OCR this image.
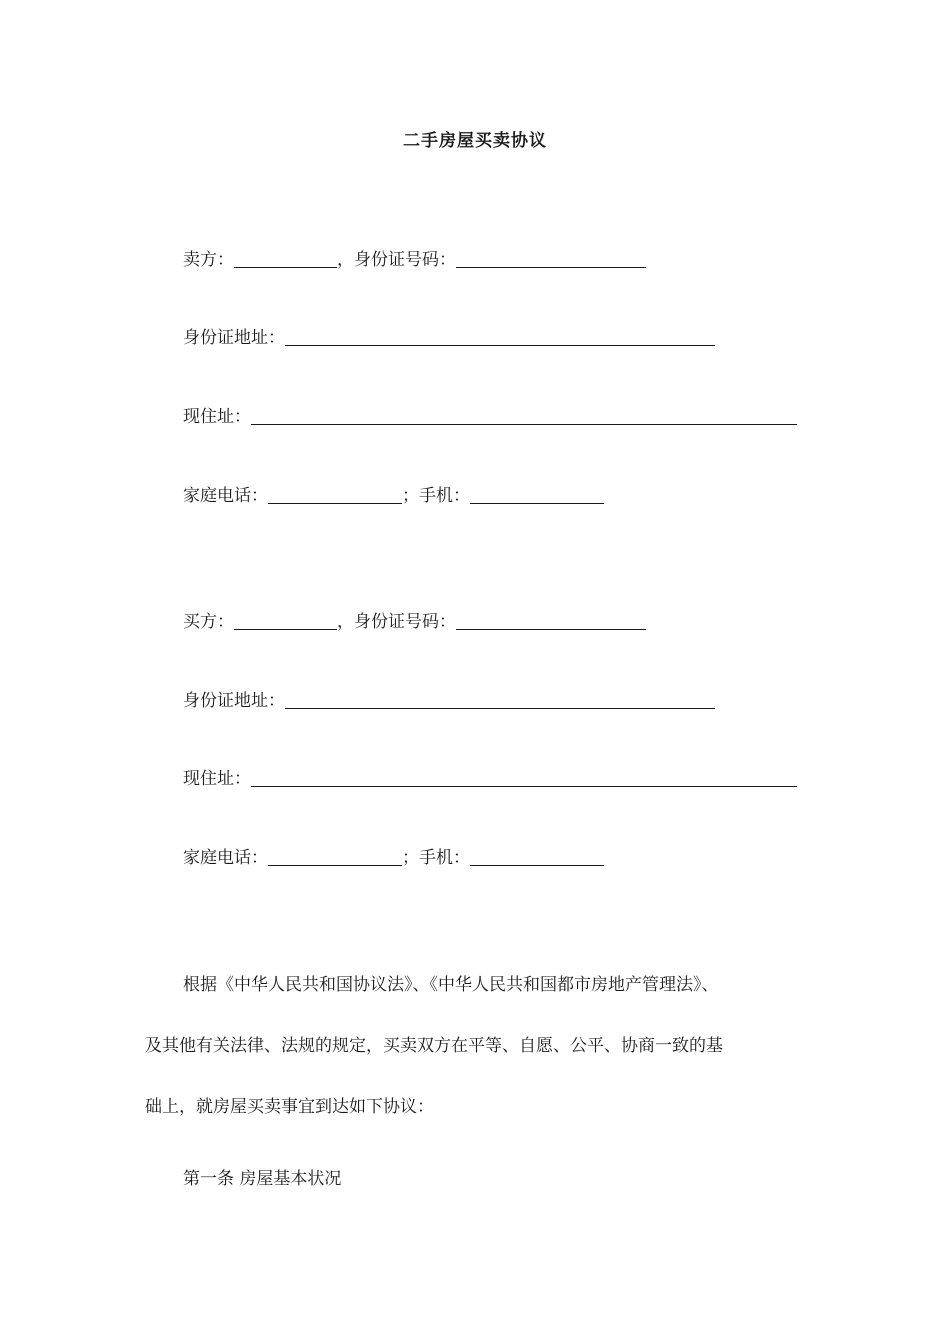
二手房屋买卖协议
卖方：	，身份证号码：
身份证地址：
现住址：
家庭电话：	；手机：
买方：	，身份证号码：
身份证地址：
现住址：
家庭电话：	；手机：
根据《中华人民共和国协议法》、《中华人民共和国都市房地产管理法》、
及其他有关法律、法规的规定，买卖双方在平等、自愿、公平、协商一致的基
础上，就房屋买卖事宜到达如下协议：
第一条 房屋基本状况
